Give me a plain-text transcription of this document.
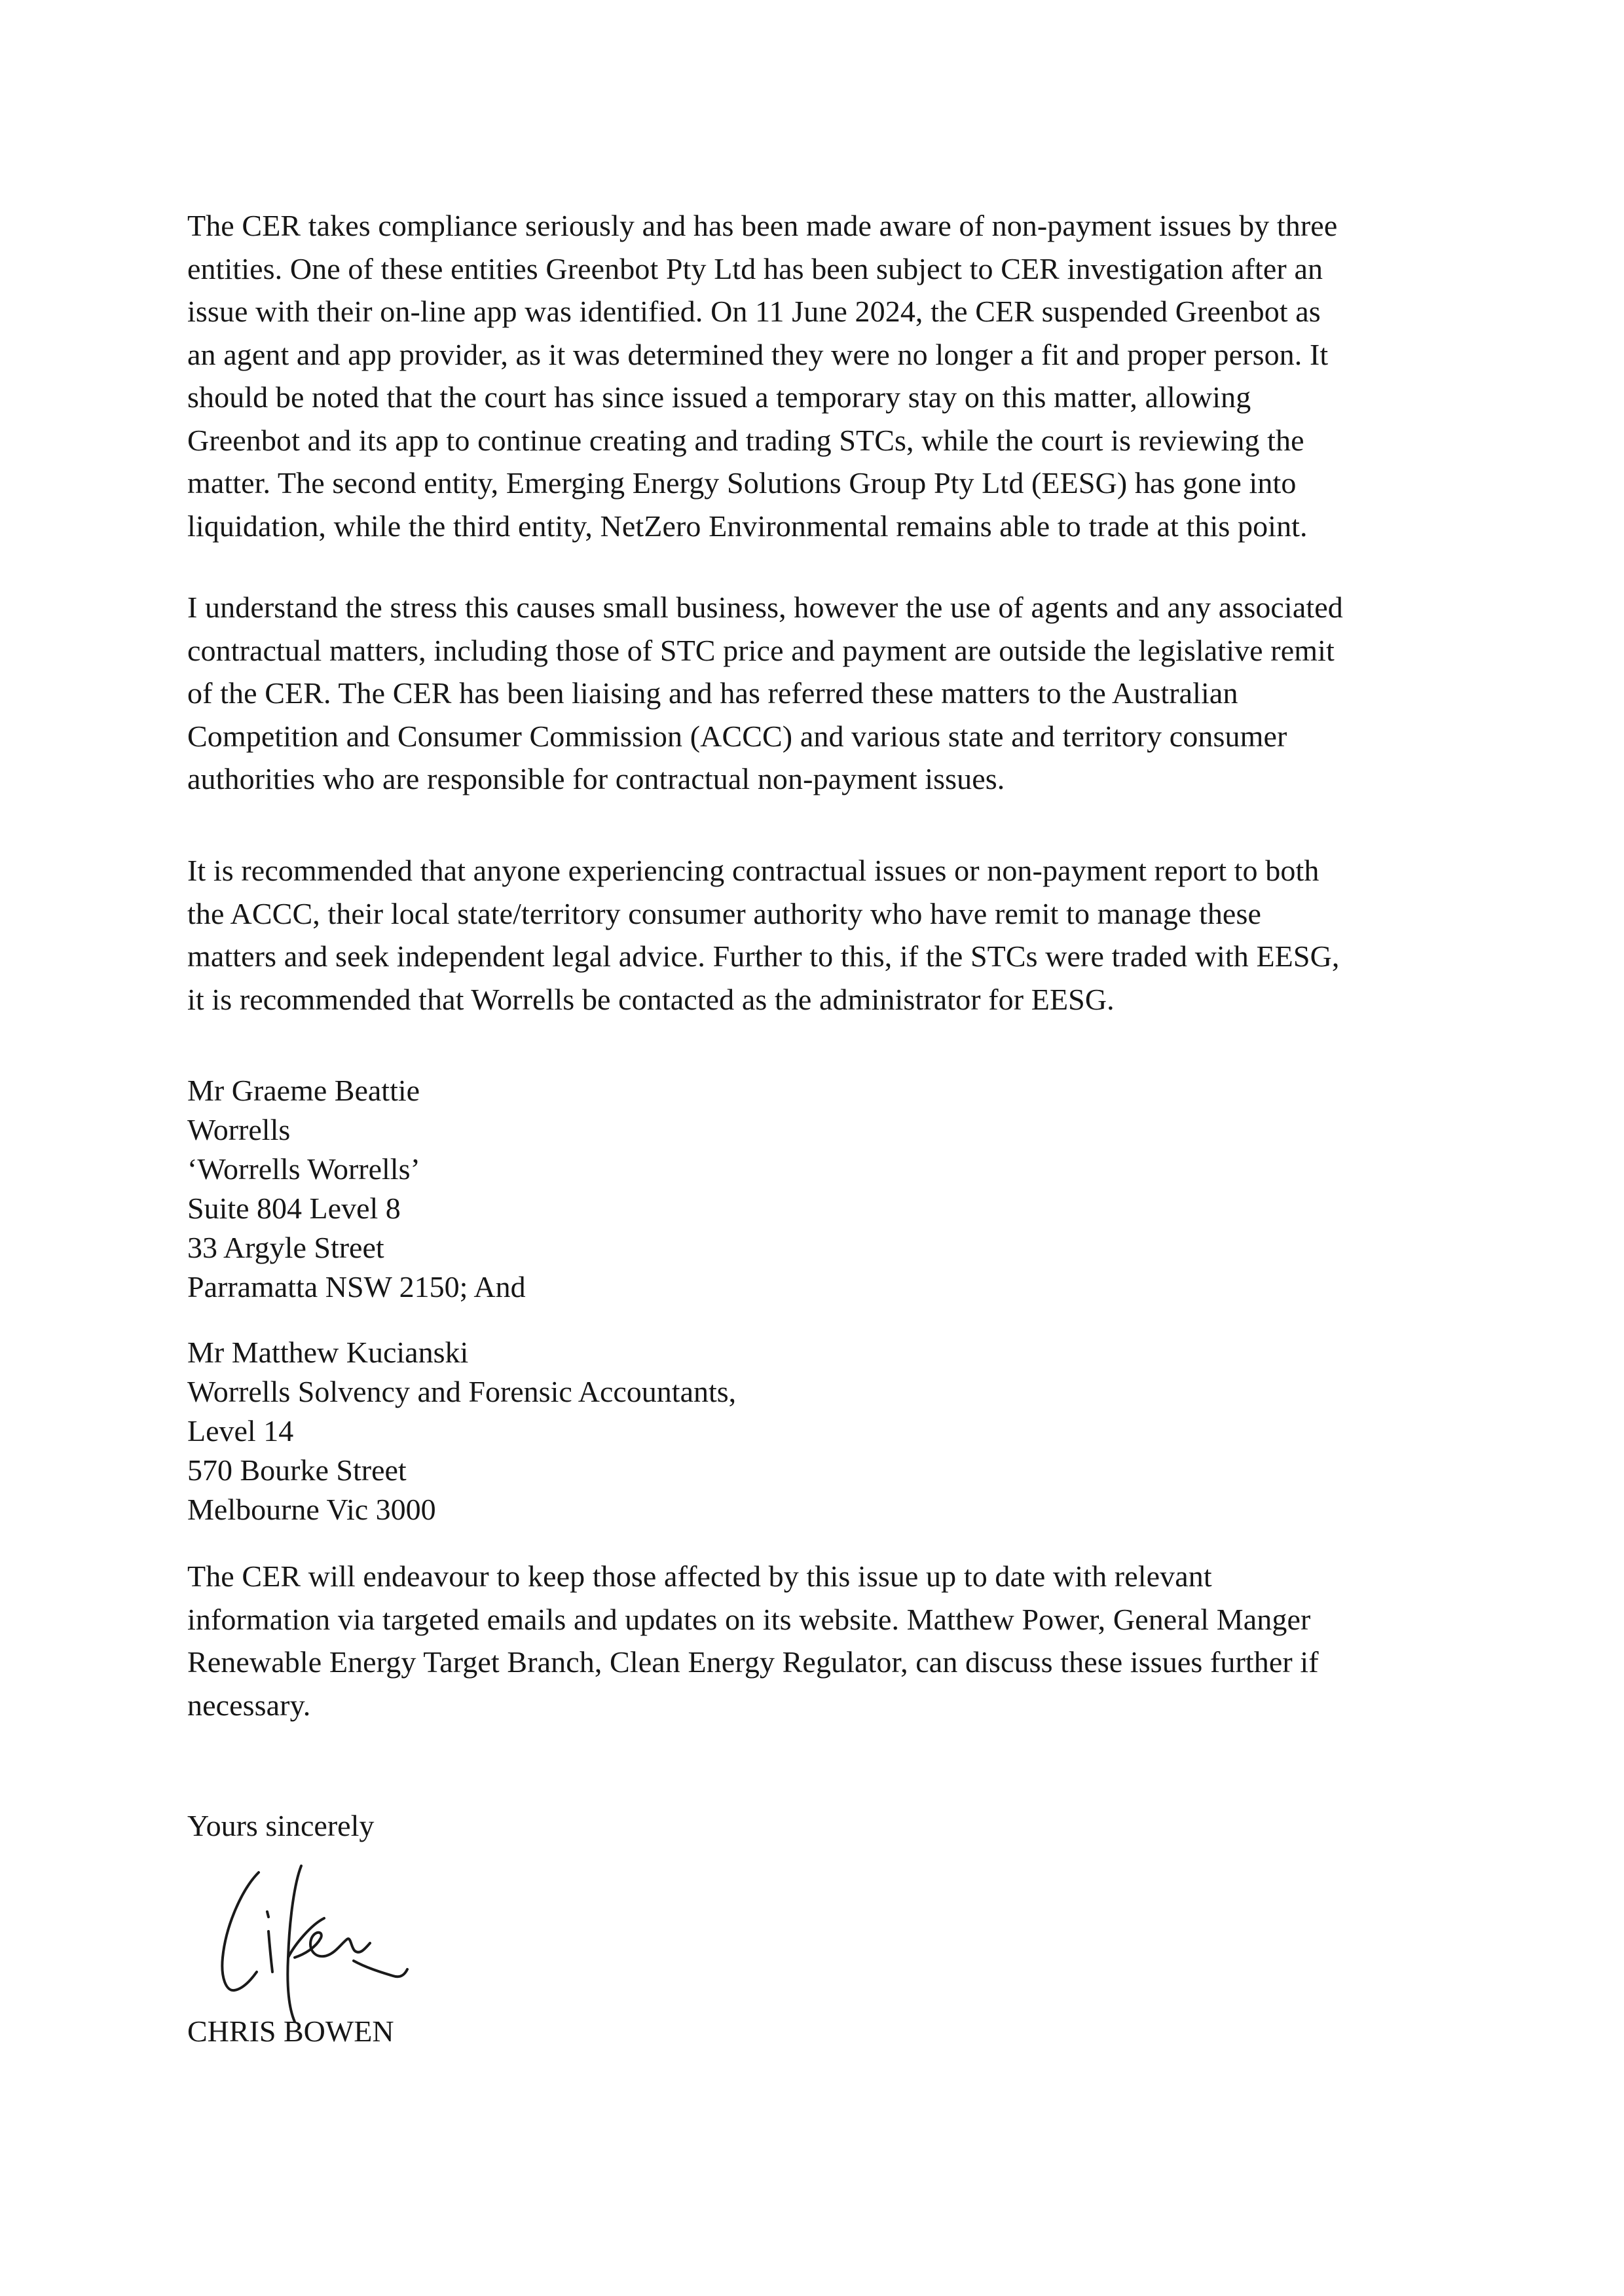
The CER takes compliance seriously and has been made aware of non-payment issues by three
entities. One of these entities Greenbot Pty Ltd has been subject to CER investigation after an
issue with their on-line app was identified. On 11 June 2024, the CER suspended Greenbot as
an agent and app provider, as it was determined they were no longer a fit and proper person. It
should be noted that the court has since issued a temporary stay on this matter, allowing
Greenbot and its app to continue creating and trading STCs, while the court is reviewing the
matter. The second entity, Emerging Energy Solutions Group Pty Ltd (EESG) has gone into
liquidation, while the third entity, NetZero Environmental remains able to trade at this point.

I understand the stress this causes small business, however the use of agents and any associated
contractual matters, including those of STC price and payment are outside the legislative remit
of the CER. The CER has been liaising and has referred these matters to the Australian
Competition and Consumer Commission (ACCC) and various state and territory consumer
authorities who are responsible for contractual non-payment issues.

It is recommended that anyone experiencing contractual issues or non-payment report to both
the ACCC, their local state/territory consumer authority who have remit to manage these
matters and seek independent legal advice. Further to this, if the STCs were traded with EESG,
it is recommended that Worrells be contacted as the administrator for EESG.

Mr Graeme Beattie
Worrells
‘Worrells Worrells’
Suite 804 Level 8
33 Argyle Street
Parramatta NSW 2150; And

Mr Matthew Kucianski
Worrells Solvency and Forensic Accountants,
Level 14
570 Bourke Street
Melbourne Vic 3000

The CER will endeavour to keep those affected by this issue up to date with relevant
information via targeted emails and updates on its website. Matthew Power, General Manger
Renewable Energy Target Branch, Clean Energy Regulator, can discuss these issues further if
necessary.

Yours sincerely

CHRIS BOWEN
